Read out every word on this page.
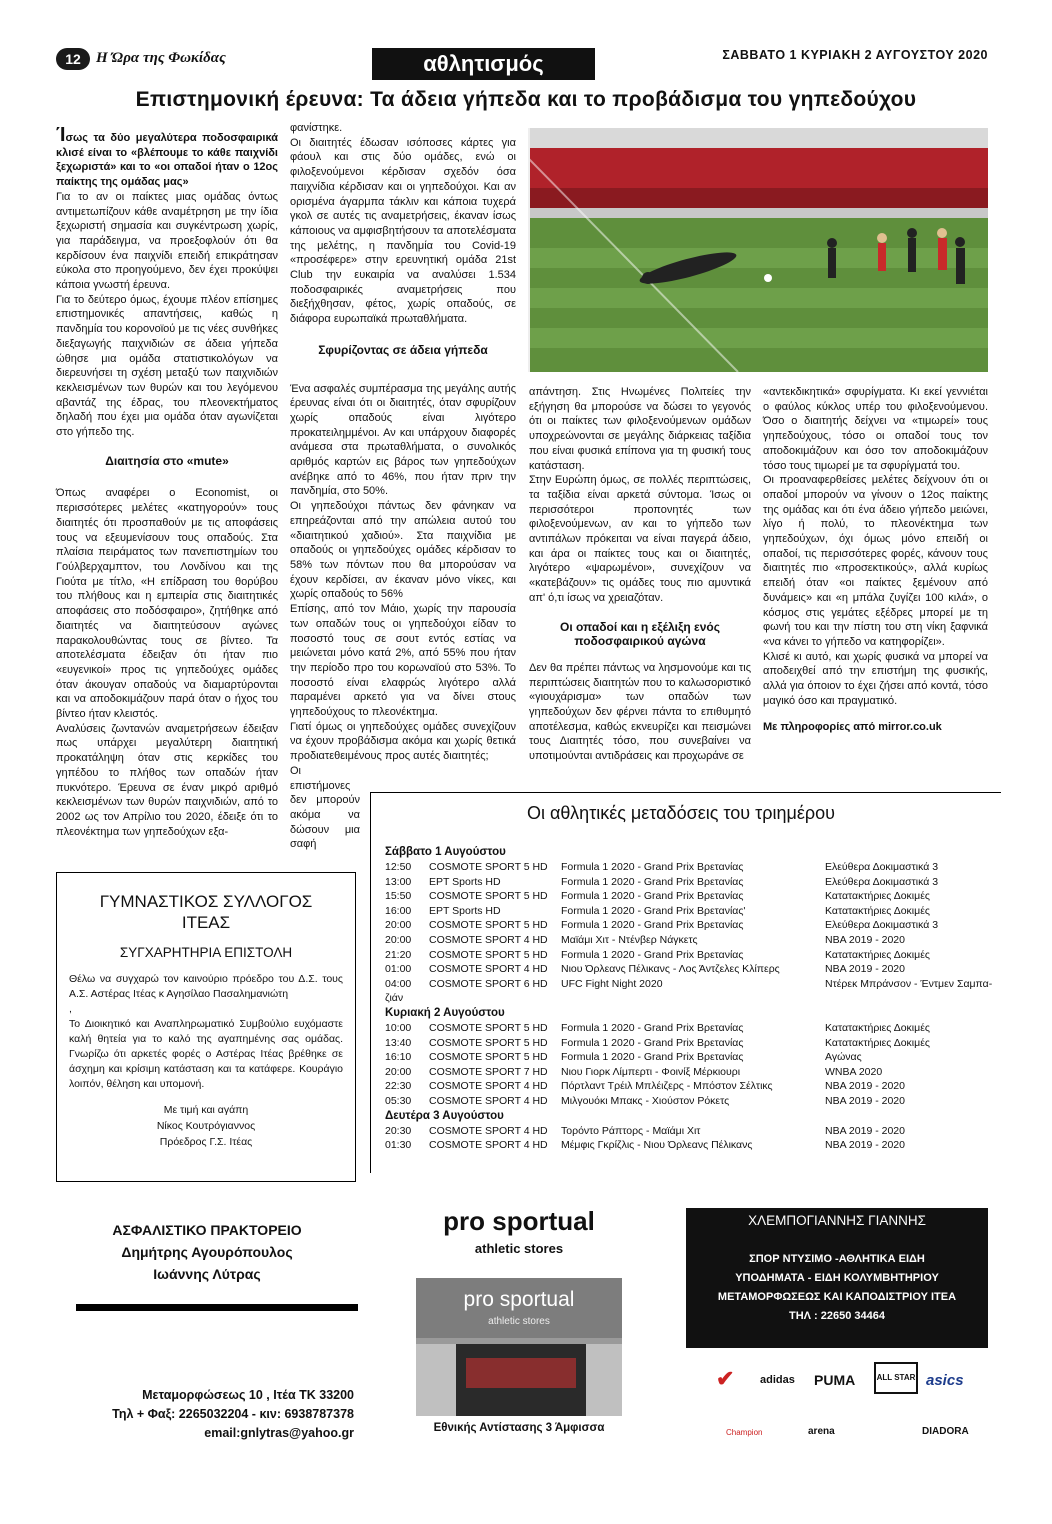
12	Η Ώρα της Φωκίδας	αθλητισμός	ΣΑΒΒΑΤΟ 1 ΚΥΡΙΑΚΗ 2 ΑΥΓΟΥΣΤΟΥ 2020
Επιστημονική έρευνα: Τα άδεια γήπεδα και το προβάδισμα του γηπεδούχου

Ίσως τα δύο μεγαλύτερα ποδοσφαιρικά κλισέ είναι το «βλέπουμε το κάθε παιχνίδι ξεχωριστά» και το «οι οπαδοί ήταν ο 12ος παίκτης της ομάδας μας»

Για το αν οι παίκτες μιας ομάδας όντως αντιμετωπίζουν κάθε αναμέτρηση με την ίδια ξεχωριστή σημασία και συγκέντρωση χωρίς, για παράδειγμα, να προεξοφλούν ότι θα κερδίσουν ένα παιχνίδι επειδή επικράτησαν εύκολα στο προηγούμενο, δεν έχει προκύψει κάποια γνωστή έρευνα.

Για το δεύτερο όμως, έχουμε πλέον επίσημες επιστημονικές απαντήσεις, καθώς η πανδημία του κορονοϊού με τις νέες συνθήκες διεξαγωγής παιχνιδιών σε άδεια γήπεδα ώθησε μια ομάδα στατιστικολόγων να διερευνήσει τη σχέση μεταξύ των παιχνιδιών κεκλεισμένων των θυρών και του λεγόμενου αβαντάζ της έδρας, του πλεονεκτήματος δηλαδή που έχει μια ομάδα όταν αγωνίζεται στο γήπεδο της.

Διαιτησία στο «mute»

Όπως αναφέρει ο Economist, οι περισσότερες μελέτες «κατηγορούν» τους διαιτητές ότι προσπαθούν με τις αποφάσεις τους να εξευμενίσουν τους οπαδούς. Στα πλαίσια πειράματος των πανεπιστημίων του Γούλβερχαμπτον, του Λονδίνου και της Γιούτα με τίτλο, «Η επίδραση του θορύβου του πλήθους και η εμπειρία στις διαιτητικές αποφάσεις στο ποδόσφαιρο», ζητήθηκε από διαιτητές να διαιτητεύσουν αγώνες παρακολουθώντας τους σε βίντεο. Τα αποτελέσματα έδειξαν ότι ήταν πιο «ευγενικοί» προς τις γηπεδούχες ομάδες όταν άκουγαν οπαδούς να διαμαρτύρονται και να αποδοκιμάζουν παρά όταν ο ήχος του βίντεο ήταν κλειστός.

Αναλύσεις ζωντανών αναμετρήσεων έδειξαν πως υπάρχει μεγαλύτερη διαιτητική προκατάληψη όταν στις κερκίδες του γηπέδου το πλήθος των οπαδών ήταν πυκνότερο. Έρευνα σε έναν μικρό αριθμό κεκλεισμένων των θυρών παιχνιδιών, από το 2002 ως τον Απρίλιο του 2020, έδειξε ότι το πλεονέκτημα των γηπεδούχων εξα-

φανίστηκε.

Οι διαιτητές έδωσαν ισόποσες κάρτες για φάουλ και στις δύο ομάδες, ενώ οι φιλοξενούμενοι κέρδισαν σχεδόν όσα παιχνίδια κέρδισαν και οι γηπεδούχοι. Και αν ορισμένα άγαρμπα τάκλιν και κάποια τυχερά γκολ σε αυτές τις αναμετρήσεις, έκαναν ίσως κάποιους να αμφισβητήσουν τα αποτελέσματα της μελέτης, η πανδημία του Covid-19 «προσέφερε» στην ερευνητική ομάδα 21st Club την ευκαιρία να αναλύσει 1.534 ποδοσφαιρικές αναμετρήσεις που διεξήχθησαν, φέτος, χωρίς οπαδούς, σε διάφορα ευρωπαϊκά πρωταθλήματα.

Σφυρίζοντας σε άδεια γήπεδα

Ένα ασφαλές συμπέρασμα της μεγάλης αυτής έρευνας είναι ότι οι διαιτητές, όταν σφυρίζουν χωρίς οπαδούς είναι λιγότερο προκατειλημμένοι. Αν και υπάρχουν διαφορές ανάμεσα στα πρωταθλήματα, ο συνολικός αριθμός καρτών εις βάρος των γηπεδούχων ανέβηκε από το 46%, που ήταν πριν την πανδημία, στο 50%.

Οι γηπεδούχοι πάντως δεν φάνηκαν να επηρεάζονται από την απώλεια αυτού του «διαιτητικού χαδιού». Στα παιχνίδια με οπαδούς οι γηπεδούχες ομάδες κέρδισαν το 58% των πόντων που θα μπορούσαν να έχουν κερδίσει, αν έκαναν μόνο νίκες, και χωρίς οπαδούς το 56%

Επίσης, από τον Μάιο, χωρίς την παρουσία των οπαδών τους οι γηπεδούχοι είδαν το ποσοστό τους σε σουτ εντός εστίας να μειώνεται μόνο κατά 2%, από 55% που ήταν την περίοδο προ του κορωναϊού στο 53%. Το ποσοστό είναι ελαφρώς λιγότερο αλλά παραμένει αρκετό για να δίνει στους γηπεδούχους το πλεονέκτημα.

Γιατί όμως οι γηπεδούχες ομάδες συνεχίζουν να έχουν προβάδισμα ακόμα και χωρίς θετικά προδιατεθειμένους προς αυτές διαιτητές;

Οι επιστήμονες δεν μπορούν ακόμα να δώσουν μια σαφή

απάντηση. Στις Ηνωμένες Πολιτείες την εξήγηση θα μπορούσε να δώσει το γεγονός ότι οι παίκτες των φιλοξενούμενων ομάδων υποχρεώνονται σε μεγάλης διάρκειας ταξίδια που είναι φυσικά επίπονα για τη φυσική τους κατάσταση.

Στην Ευρώπη όμως, σε πολλές περιπτώσεις, τα ταξίδια είναι αρκετά σύντομα. Ίσως οι περισσότεροι προπονητές των φιλοξενούμενων, αν και το γήπεδο των αντιπάλων πρόκειται να είναι παγερά άδειο, και άρα οι παίκτες τους και οι διαιτητές, λιγότερο «ψαρωμένοι», συνεχίζουν να «κατεβάζουν» τις ομάδες τους πιο αμυντικά απ' ό,τι ίσως να χρειαζόταν.

Οι οπαδοί και η εξέλιξη ενός ποδοσφαιρικού αγώνα

Δεν θα πρέπει πάντως να λησμονούμε και τις περιπτώσεις διαιτητών που το καλωσοριστικό «γιουχάρισμα» των οπαδών των γηπεδούχων δεν φέρνει πάντα το επιθυμητό αποτέλεσμα, καθώς εκνευρίζει και πεισμώνει τους Διαιτητές τόσο, που συνεβαίνει να υποτιμούνται αντιδράσεις και προχωράνε σε

«αντεκδικητικά» σφυρίγματα. Κι εκεί γεννιέται ο φαύλος κύκλος υπέρ του φιλοξενούμενου. Όσο ο διαιτητής δείχνει να «τιμωρεί» τους γηπεδούχους, τόσο οι οπαδοί τους τον αποδοκιμάζουν και όσο τον αποδοκιμάζουν τόσο τους τιμωρεί με τα σφυρίγματά του.

Οι προαναφερθείσες μελέτες δείχνουν ότι οι οπαδοί μπορούν να γίνουν ο 12ος παίκτης της ομάδας και ότι ένα άδειο γήπεδο μειώνει, λίγο ή πολύ, το πλεονέκτημα των γηπεδούχων, όχι όμως μόνο επειδή οι οπαδοί, τις περισσότερες φορές, κάνουν τους διαιτητές πιο «προσεκτικούς», αλλά κυρίως επειδή όταν «οι παίκτες ξεμένουν από δυνάμεις» και «η μπάλα ζυγίζει 100 κιλά», ο κόσμος στις γεμάτες εξέδρες μπορεί με τη φωνή του και την πίστη του στη νίκη ξαφνικά «να κάνει το γήπεδο να κατηφορίζει».

Κλισέ κι αυτό, και χωρίς φυσικά να μπορεί να αποδειχθεί από την επιστήμη της φυσικής, αλλά για όποιον το έχει ζήσει από κοντά, τόσο μαγικό όσο και πραγματικό.

Με πληροφορίες από mirror.co.uk

Οι αθλητικές μεταδόσεις του τριημέρου
Σάββατο 1 Αυγούστου
12:50 COSMOTE SPORT 5 HD Formula 1 2020 - Grand Prix Βρετανίας	Ελεύθερα Δοκιμαστικά 3
13:00 EPT Sports HD	Formula 1 2020 - Grand Prix Βρετανίας	Ελεύθερα Δοκιμαστικά 3
15:50 COSMOTE SPORT 5 HD Formula 1 2020 - Grand Prix Βρετανίας	Κατατακτήριες Δοκιμές
16:00 EPT Sports HD	Formula 1 2020 - Grand Prix Βρετανίας'	Κατατακτήριες Δοκιμές
20:00 COSMOTE SPORT 5 HD Formula 1 2020 - Grand Prix Βρετανίας	Ελεύθερα Δοκιμαστικά 3
20:00 COSMOTE SPORT 4 HD Μαϊάμι Χιτ - Ντένβερ Νάγκετς	NBA 2019 - 2020
21:20 COSMOTE SPORT 5 HD Formula 1 2020 - Grand Prix Βρετανίας	Κατατακτήριες Δοκιμές
01:00 COSMOTE SPORT 4 HD Νιου Όρλεανς Πέλικανς - Λος Άντζελες Κλίπερς	NBA 2019 - 2020
04:00 COSMOTE SPORT 6 HD UFC Fight Night 2020	Ντέρεκ Μπράνσον - Έντμεν Σαμπα-
ζιάν
Κυριακή 2 Αυγούστου
10:00 COSMOTE SPORT 5 HD Formula 1 2020 - Grand Prix Βρετανίας	Κατατακτήριες Δοκιμές
13:40 COSMOTE SPORT 5 HD Formula 1 2020 - Grand Prix Βρετανίας	Κατατακτήριες Δοκιμές
16:10 COSMOTE SPORT 5 HD Formula 1 2020 - Grand Prix Βρετανίας	Αγώνας
20:00 COSMOTE SPORT 7 HD Νιου Γιορκ Λίμπερτι - Φοινίξ Μέρκιουρι	WNBA 2020
22:30 COSMOTE SPORT 4 HD Πόρτλαντ Τρέιλ Μπλέιζερς - Μπόστον Σέλτικς	NBA 2019 - 2020
05:30 COSMOTE SPORT 4 HD Μιλγουόκι Μπακς - Χιούστον Ρόκετς	NBA 2019 - 2020
Δευτέρα 3 Αυγούστου
20:30 COSMOTE SPORT 4 HD Τορόντο Ράπτορς - Μαϊάμι Χιτ	NBA 2019 - 2020
01:30 COSMOTE SPORT 4 HD Μέμφις Γκρίζλις - Νιου Όρλεανς Πέλικανς	NBA 2019 - 2020
ΓΥΜΝΑΣΤΙΚΟΣ ΣΥΛΛΟΓΟΣ ΙΤΕΑΣ
ΣΥΓΧΑΡΗΤΗΡΙΑ ΕΠΙΣΤΟΛΗ
Θέλω να συγχαρώ τον καινούριο πρόεδρο του Δ.Σ. τους Α.Σ. Αστέρας Ιτέας κ Αγησίλαο Πασαλημανιώτη
,
Το Διοικητικό και Αναπληρωματικό Συμβούλιο ευχόμαστε καλή θητεία για το καλό της αγαπημένης σας ομάδας. Γνωρίζω ότι αρκετές φορές ο Αστέρας Ιτέας βρέθηκε σε άσχημη και κρίσιμη κατάσταση και τα κατάφερε. Κουράγιο λοιπόν, θέληση και υπομονή.
Με τιμή και αγάπη
Νίκος Κουτρόγιαννος
Πρόεδρος Γ.Σ. Ιτέας
ΑΣΦΑΛΙΣΤΙΚΟ ΠΡΑΚΤΟΡΕΙΟ
Δημήτρης Αγουρόπουλος
Ιωάννης Λύτρας
Μεταμορφώσεως 10 , Ιτέα ΤΚ 33200
Τηλ + Φαξ: 2265032204 - κιν: 6938787378
email:gnlytras@yahoo.gr
pro sportual
athletic stores
pro sportual
athletic stores
Εθνικής Αντίστασης 3 Άμφισσα
ΧΛΕΜΠΟΓΙΑΝΝΗΣ ΓΙΑΝΝΗΣ
ΣΠΟΡ ΝΤΥΣΙΜΟ -ΑΘΛΗΤΙΚΑ ΕΙΔΗ
ΥΠΟΔΗΜΑΤΑ - ΕΙΔΗ ΚΟΛΥΜΒΗΤΗΡΙΟΥ
ΜΕΤΑΜΟΡΦΩΣΕΩΣ ΚΑΙ ΚΑΠΟΔΙΣΤΡΙΟΥ ΙΤΕΑ
ΤΗΛ : 22650 34464
✔ adidas PUMA	ALL STAR asics
Champion	arena	DIADORA
